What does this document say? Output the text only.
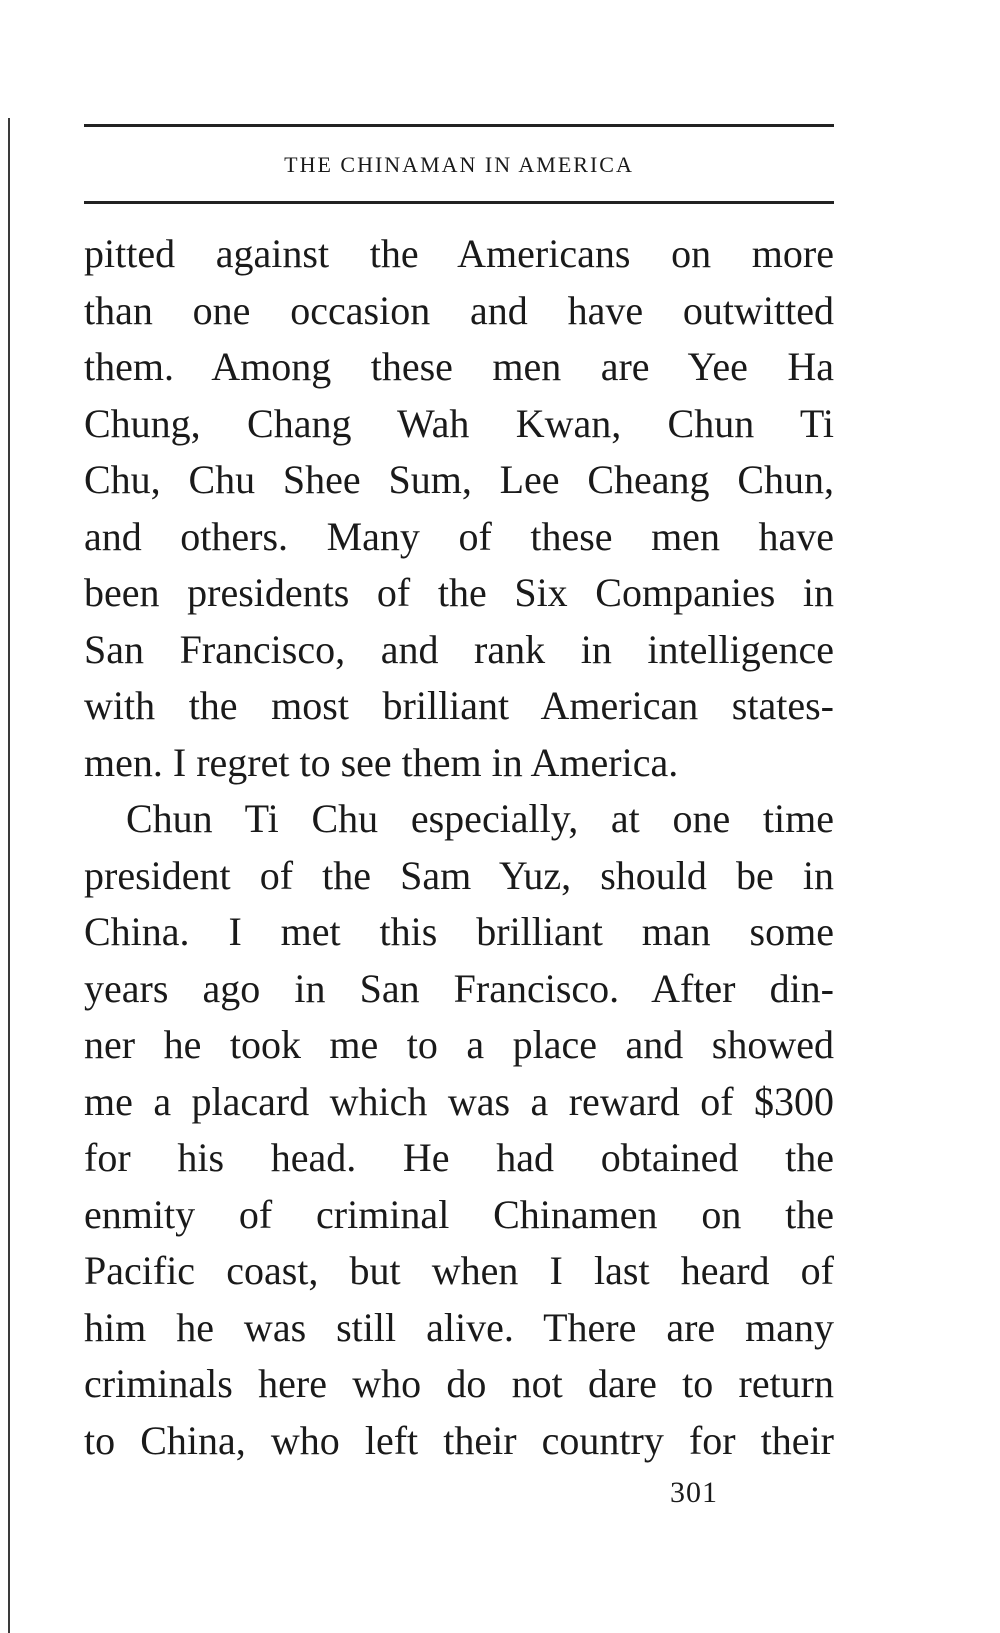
THE CHINAMAN IN AMERICA
pitted against the Americans on more
than one occasion and have outwitted
them. Among these men are Yee Ha
Chung, Chang Wah Kwan, Chun Ti
Chu, Chu Shee Sum, Lee Cheang Chun,
and others. Many of these men have
been presidents of the Six Companies in
San Francisco, and rank in intelligence
with the most brilliant American states-
men. I regret to see them in America.
Chun Ti Chu especially, at one time
president of the Sam Yuz, should be in
China. I met this brilliant man some
years ago in San Francisco. After din-
ner he took me to a place and showed
me a placard which was a reward of $300
for his head. He had obtained the
enmity of criminal Chinamen on the
Pacific coast, but when I last heard of
him he was still alive. There are many
criminals here who do not dare to return
to China, who left their country for their
301
